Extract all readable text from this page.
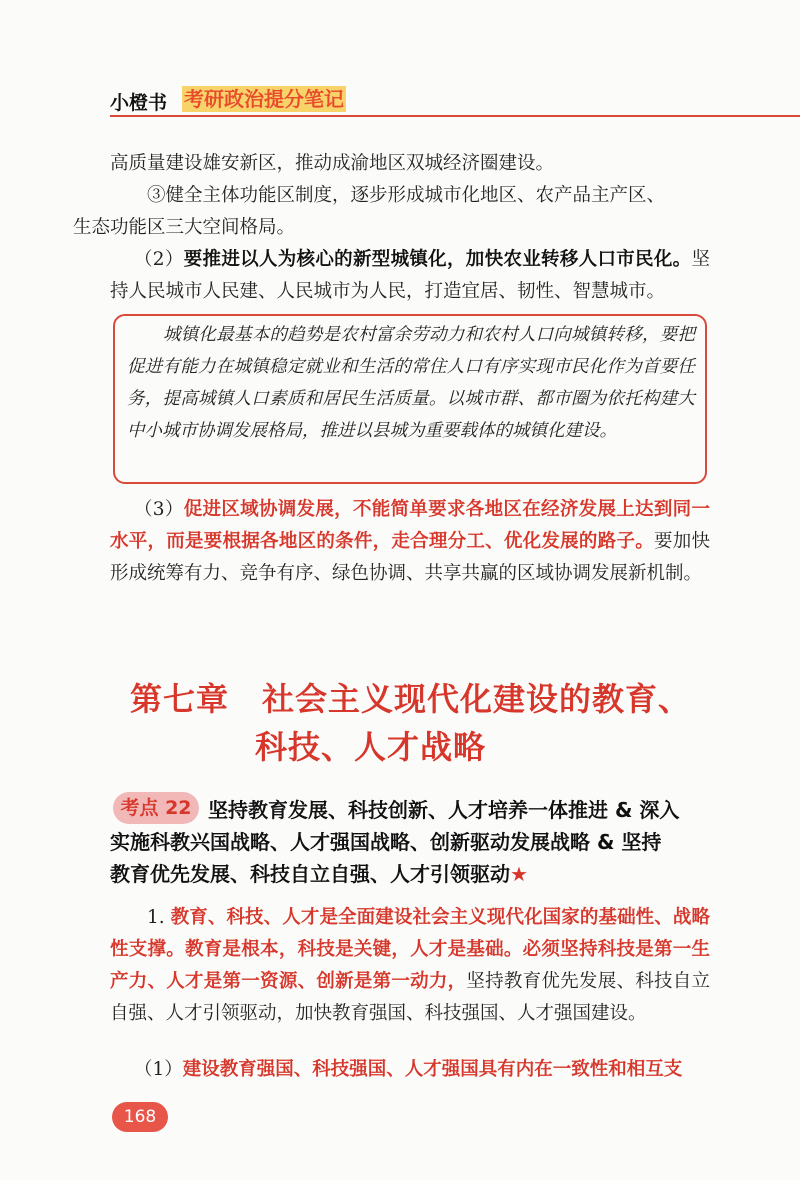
小橙书 考研政治提分笔记
高质量建设雄安新区，推动成渝地区双城经济圈建设。
③健全主体功能区制度，逐步形成城市化地区、农产品主产区、
生态功能区三大空间格局。
（2）要推进以人为核心的新型城镇化，加快农业转移人口市民化。坚持人民城市人民建、人民城市为人民，打造宜居、韧性、智慧城市。
城镇化最基本的趋势是农村富余劳动力和农村人口向城镇转移，要把促进有能力在城镇稳定就业和生活的常住人口有序实现市民化作为首要任务，提高城镇人口素质和居民生活质量。以城市群、都市圈为依托构建大中小城市协调发展格局，推进以县城为重要载体的城镇化建设。
（3）促进区域协调发展，不能简单要求各地区在经济发展上达到同一水平，而是要根据各地区的条件，走合理分工、优化发展的路子。要加快形成统筹有力、竞争有序、绿色协调、共享共赢的区域协调发展新机制。
第七章　社会主义现代化建设的教育、
科技、人才战略
考点 22 坚持教育发展、科技创新、人才培养一体推进 & 深入
实施科教兴国战略、人才强国战略、创新驱动发展战略 & 坚持
教育优先发展、科技自立自强、人才引领驱动★
1. 教育、科技、人才是全面建设社会主义现代化国家的基础性、战略性支撑。教育是根本，科技是关键，人才是基础。必须坚持科技是第一生产力、人才是第一资源、创新是第一动力，坚持教育优先发展、科技自立自强、人才引领驱动，加快教育强国、科技强国、人才强国建设。
（1）建设教育强国、科技强国、人才强国具有内在一致性和相互支
168
